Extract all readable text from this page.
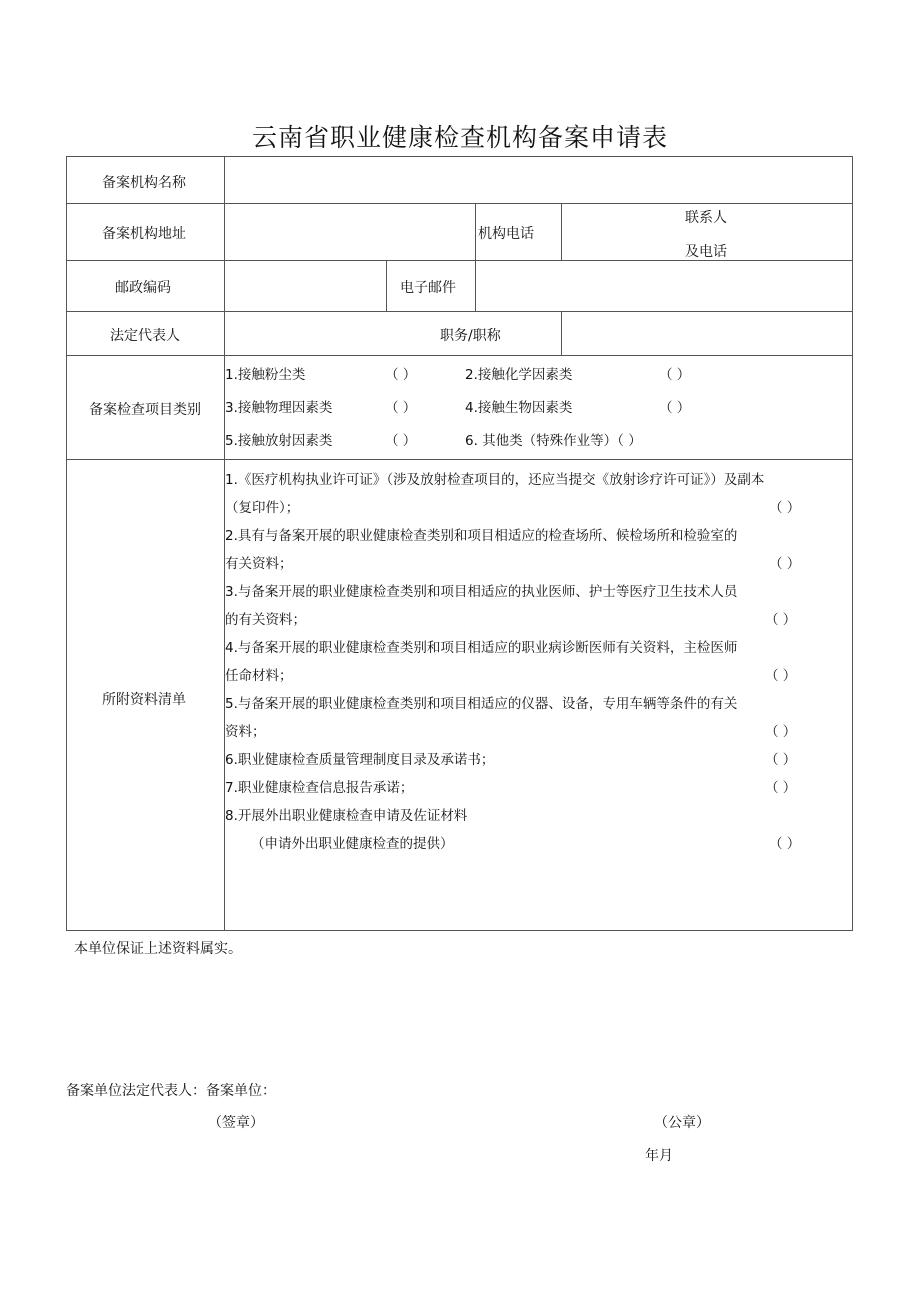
云南省职业健康检查机构备案申请表
备案机构名称
备案机构地址	机构电话
联系人
及电话
邮政编码	电子邮件
法定代表人	职务/职称
备案检查项目类别
1.接触粉尘类	（ ）	2.接触化学因素类	（ ）
3.接触物理因素类	（ ）	4.接触生物因素类	（ ）
5.接触放射因素类	（ ）	6. 其他类（特殊作业等）（ ）
所附资料清单
1.《医疗机构执业许可证》（涉及放射检查项目的，还应当提交《放射诊疗许可证》）及副本
（复印件）；	（ ）
2.具有与备案开展的职业健康检查类别和项目相适应的检查场所、候检场所和检验室的
有关资料；	（ ）
3.与备案开展的职业健康检查类别和项目相适应的执业医师、护士等医疗卫生技术人员
的有关资料；	（ ）
4.与备案开展的职业健康检查类别和项目相适应的职业病诊断医师有关资料，主检医师
任命材料；	（ ）
5.与备案开展的职业健康检查类别和项目相适应的仪器、设备，专用车辆等条件的有关
资料；	（ ）
6.职业健康检查质量管理制度目录及承诺书；	（ ）
7.职业健康检查信息报告承诺；	（ ）
8.开展外出职业健康检查申请及佐证材料
（申请外出职业健康检查的提供）	（ ）
本单位保证上述资料属实。
备案单位法定代表人：备案单位：
（签章）	（公章）
年月
